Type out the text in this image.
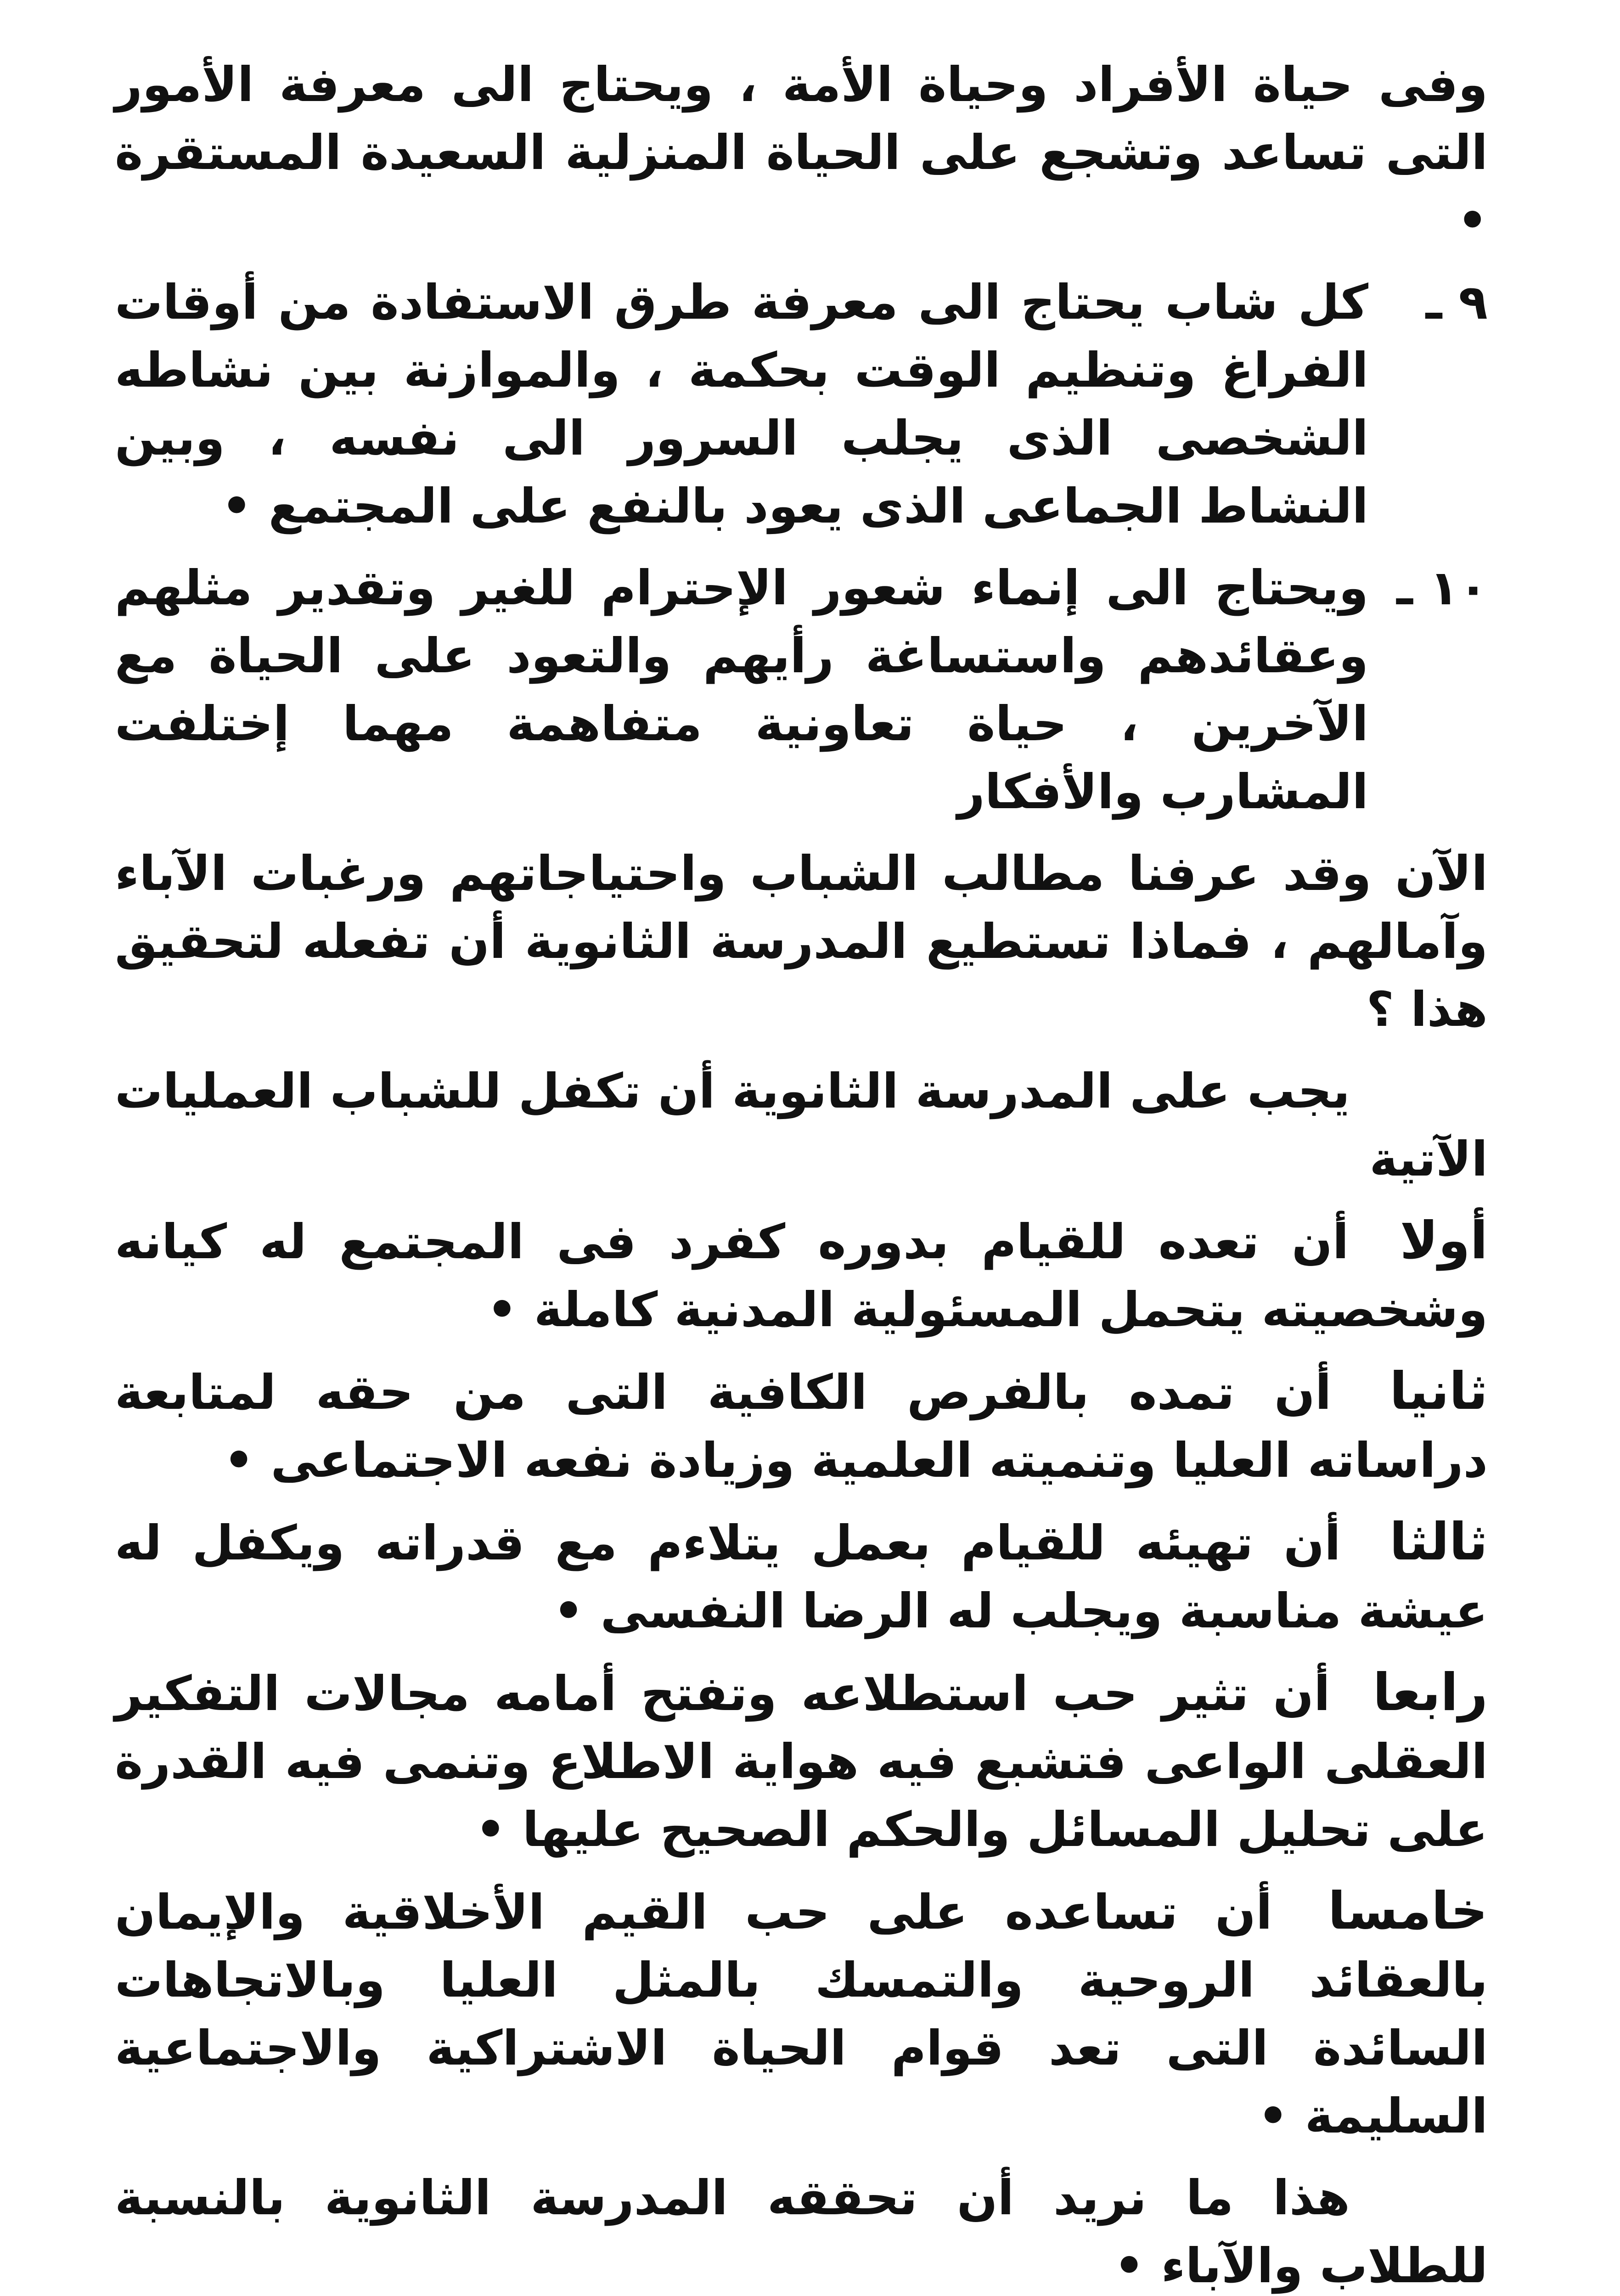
وفى حياة الأفراد وحياة الأمة ، ويحتاج الى معرفة الأمور التى تساعد وتشجع على الحياة المنزلية السعيدة المستقرة •

٩ ـ
كل شاب يحتاج الى معرفة طرق الاستفادة من أوقات الفراغ وتنظيم الوقت بحكمة ، والموازنة بين نشاطه الشخصى الذى يجلب السرور الى نفسه ، وبين النشاط الجماعى الذى يعود بالنفع على المجتمع •
١٠ ـ
ويحتاج الى إنماء شعور الإحترام للغير وتقدير مثلهم وعقائدهم واستساغة رأيهم والتعود على الحياة مع الآخرين ، حياة تعاونية متفاهمة مهما إختلفت المشارب والأفكار

الآن وقد عرفنا مطالب الشباب واحتياجاتهم ورغبات الآباء وآمالهم ، فماذا تستطيع المدرسة الثانوية أن تفعله لتحقيق هذا ؟

يجب على المدرسة الثانوية أن تكفل للشباب العمليات الآتية

أولا أن تعده للقيام بدوره كفرد فى المجتمع له كيانه وشخصيته يتحمل المسئولية المدنية كاملة •

ثانيا أن تمده بالفرص الكافية التى من حقه لمتابعة دراساته العليا وتنميته العلمية وزيادة نفعه الاجتماعى •

ثالثا أن تهيئه للقيام بعمل يتلاءم مع قدراته ويكفل له عيشة مناسبة ويجلب له الرضا النفسى •

رابعا أن تثير حب استطلاعه وتفتح أمامه مجالات التفكير العقلى الواعى فتشبع فيه هواية الاطلاع وتنمى فيه القدرة على تحليل المسائل والحكم الصحيح عليها •

خامسا أن تساعده على حب القيم الأخلاقية والإيمان بالعقائد الروحية والتمسك بالمثل العليا وبالاتجاهات السائدة التى تعد قوام الحياة الاشتراكية والاجتماعية السليمة •

هذا ما نريد أن تحققه المدرسة الثانوية بالنسبة للطلاب والآباء •
